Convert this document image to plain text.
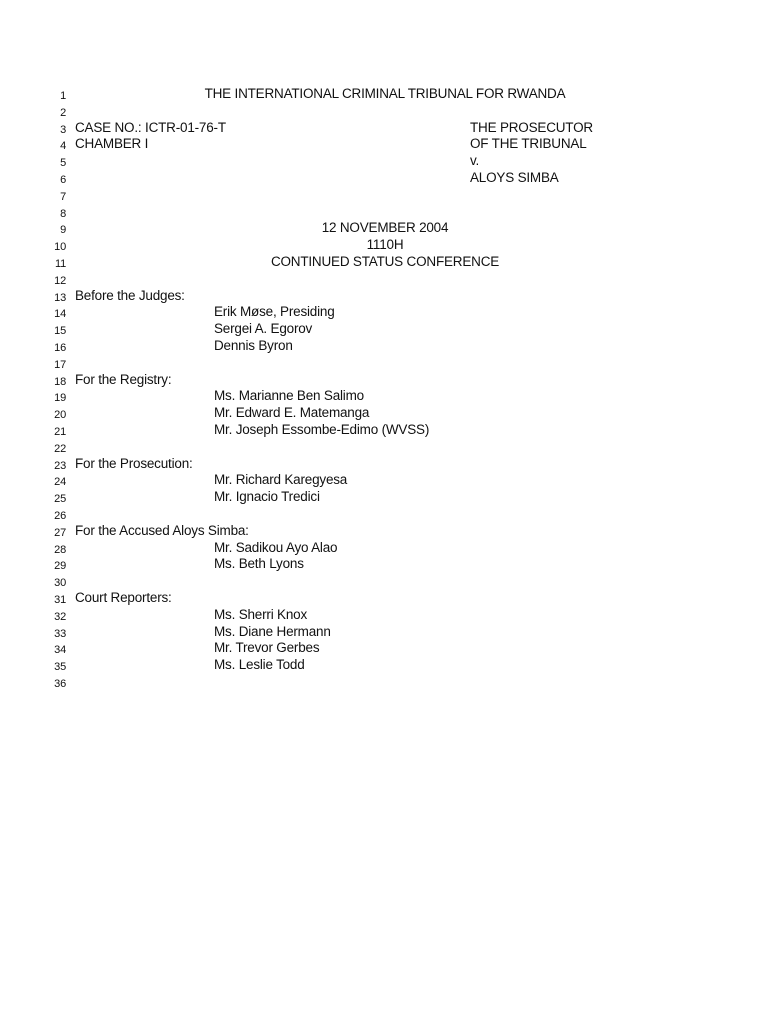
1	THE INTERNATIONAL CRIMINAL TRIBUNAL FOR RWANDA
2
3 CASE NO.: ICTR-01-76-T	THE PROSECUTOR
4 CHAMBER I	OF THE TRIBUNAL
5	v.
6	ALOYS SIMBA
7
8
9	12 NOVEMBER 2004
10	1110H
11	CONTINUED STATUS CONFERENCE
12
13 Before the Judges:
14	Erik Møse, Presiding
15	Sergei A. Egorov
16	Dennis Byron
17
18 For the Registry:
19	Ms. Marianne Ben Salimo
20	Mr. Edward E. Matemanga
21	Mr. Joseph Essombe-Edimo (WVSS)
22
23 For the Prosecution:
24	Mr. Richard Karegyesa
25	Mr. Ignacio Tredici
26
27 For the Accused Aloys Simba:
28	Mr. Sadikou Ayo Alao
29	Ms. Beth Lyons
30
31 Court Reporters:
32	Ms. Sherri Knox
33	Ms. Diane Hermann
34	Mr. Trevor Gerbes
35	Ms. Leslie Todd
36
